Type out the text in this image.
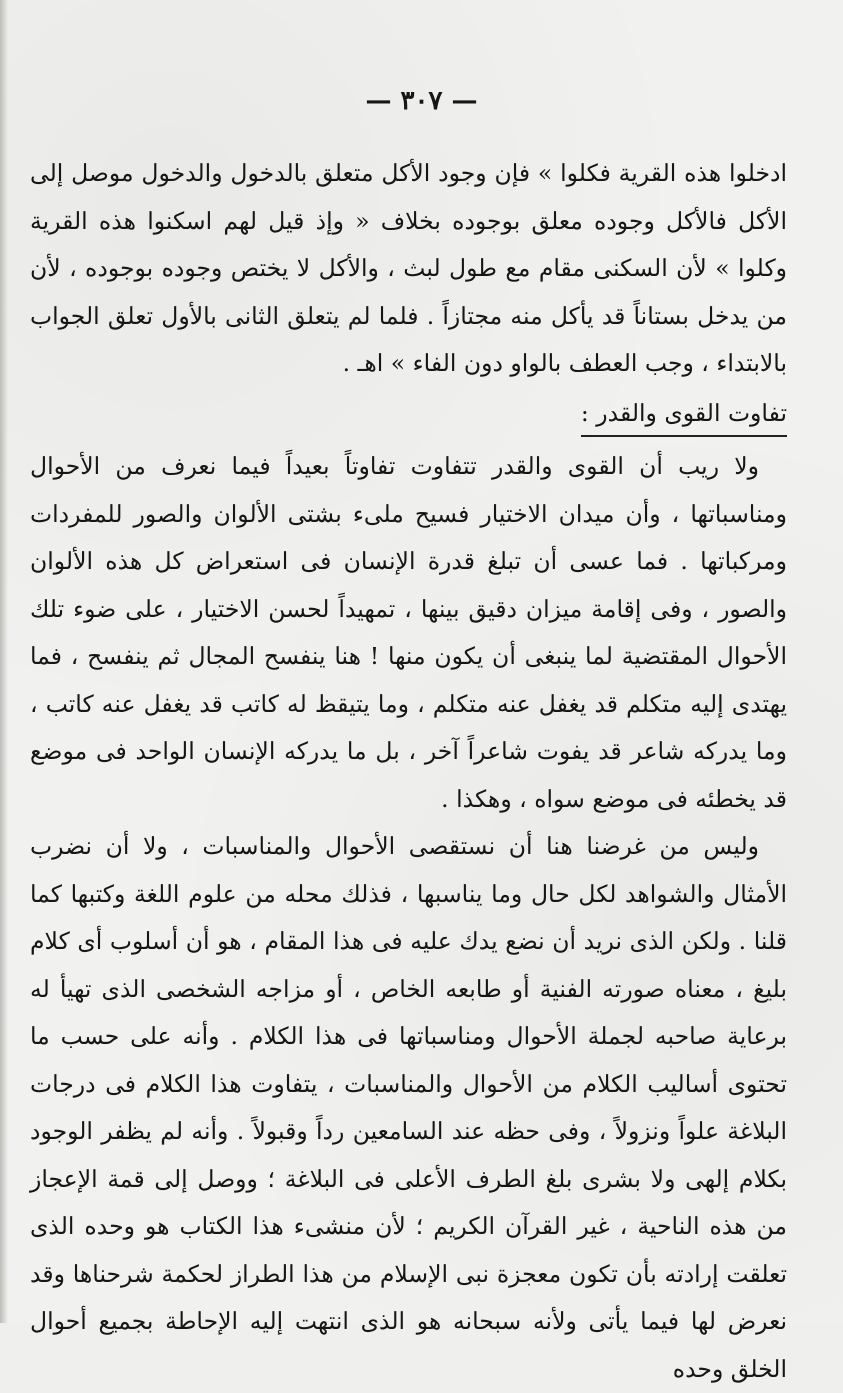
— ٣٠٧ —

ادخلوا هذه القرية فكلوا » فإن وجود الأكل متعلق بالدخول والدخول موصل إلى الأكل فالأكل وجوده معلق بوجوده بخلاف « وإذ قيل لهم اسكنوا هذه القرية وكلوا » لأن السكنى مقام مع طول لبث ، والأكل لا يختص وجوده بوجوده ، لأن من يدخل بستاناً قد يأكل منه مجتازاً . فلما لم يتعلق الثانى بالأول تعلق الجواب بالابتداء ، وجب العطف بالواو دون الفاء » اهـ .

تفاوت القوى والقدر :

ولا ريب أن القوى والقدر تتفاوت تفاوتاً بعيداً فيما نعرف من الأحوال ومناسباتها ، وأن ميدان الاختيار فسيح ملىء بشتى الألوان والصور للمفردات ومركباتها . فما عسى أن تبلغ قدرة الإنسان فى استعراض كل هذه الألوان والصور ، وفى إقامة ميزان دقيق بينها ، تمهيداً لحسن الاختيار ، على ضوء تلك الأحوال المقتضية لما ينبغى أن يكون منها ! هنا ينفسح المجال ثم ينفسح ، فما يهتدى إليه متكلم قد يغفل عنه متكلم ، وما يتيقظ له كاتب قد يغفل عنه كاتب ، وما يدركه شاعر قد يفوت شاعراً آخر ، بل ما يدركه الإنسان الواحد فى موضع قد يخطئه فى موضع سواه ، وهكذا .

وليس من غرضنا هنا أن نستقصى الأحوال والمناسبات ، ولا أن نضرب الأمثال والشواهد لكل حال وما يناسبها ، فذلك محله من علوم اللغة وكتبها كما قلنا . ولكن الذى نريد أن نضع يدك عليه فى هذا المقام ، هو أن أسلوب أى كلام بليغ ، معناه صورته الفنية أو طابعه الخاص ، أو مزاجه الشخصى الذى تهيأ له برعاية صاحبه لجملة الأحوال ومناسباتها فى هذا الكلام . وأنه على حسب ما تحتوى أساليب الكلام من الأحوال والمناسبات ، يتفاوت هذا الكلام فى درجات البلاغة علواً ونزولاً ، وفى حظه عند السامعين رداً وقبولاً . وأنه لم يظفر الوجود بكلام إلهى ولا بشرى بلغ الطرف الأعلى فى البلاغة ؛ ووصل إلى قمة الإعجاز من هذه الناحية ، غير القرآن الكريم ؛ لأن منشىء هذا الكتاب هو وحده الذى تعلقت إرادته بأن تكون معجزة نبى الإسلام من هذا الطراز لحكمة شرحناها وقد نعرض لها فيما يأتى ولأنه سبحانه هو الذى انتهت إليه الإحاطة بجميع أحوال الخلق وحده
